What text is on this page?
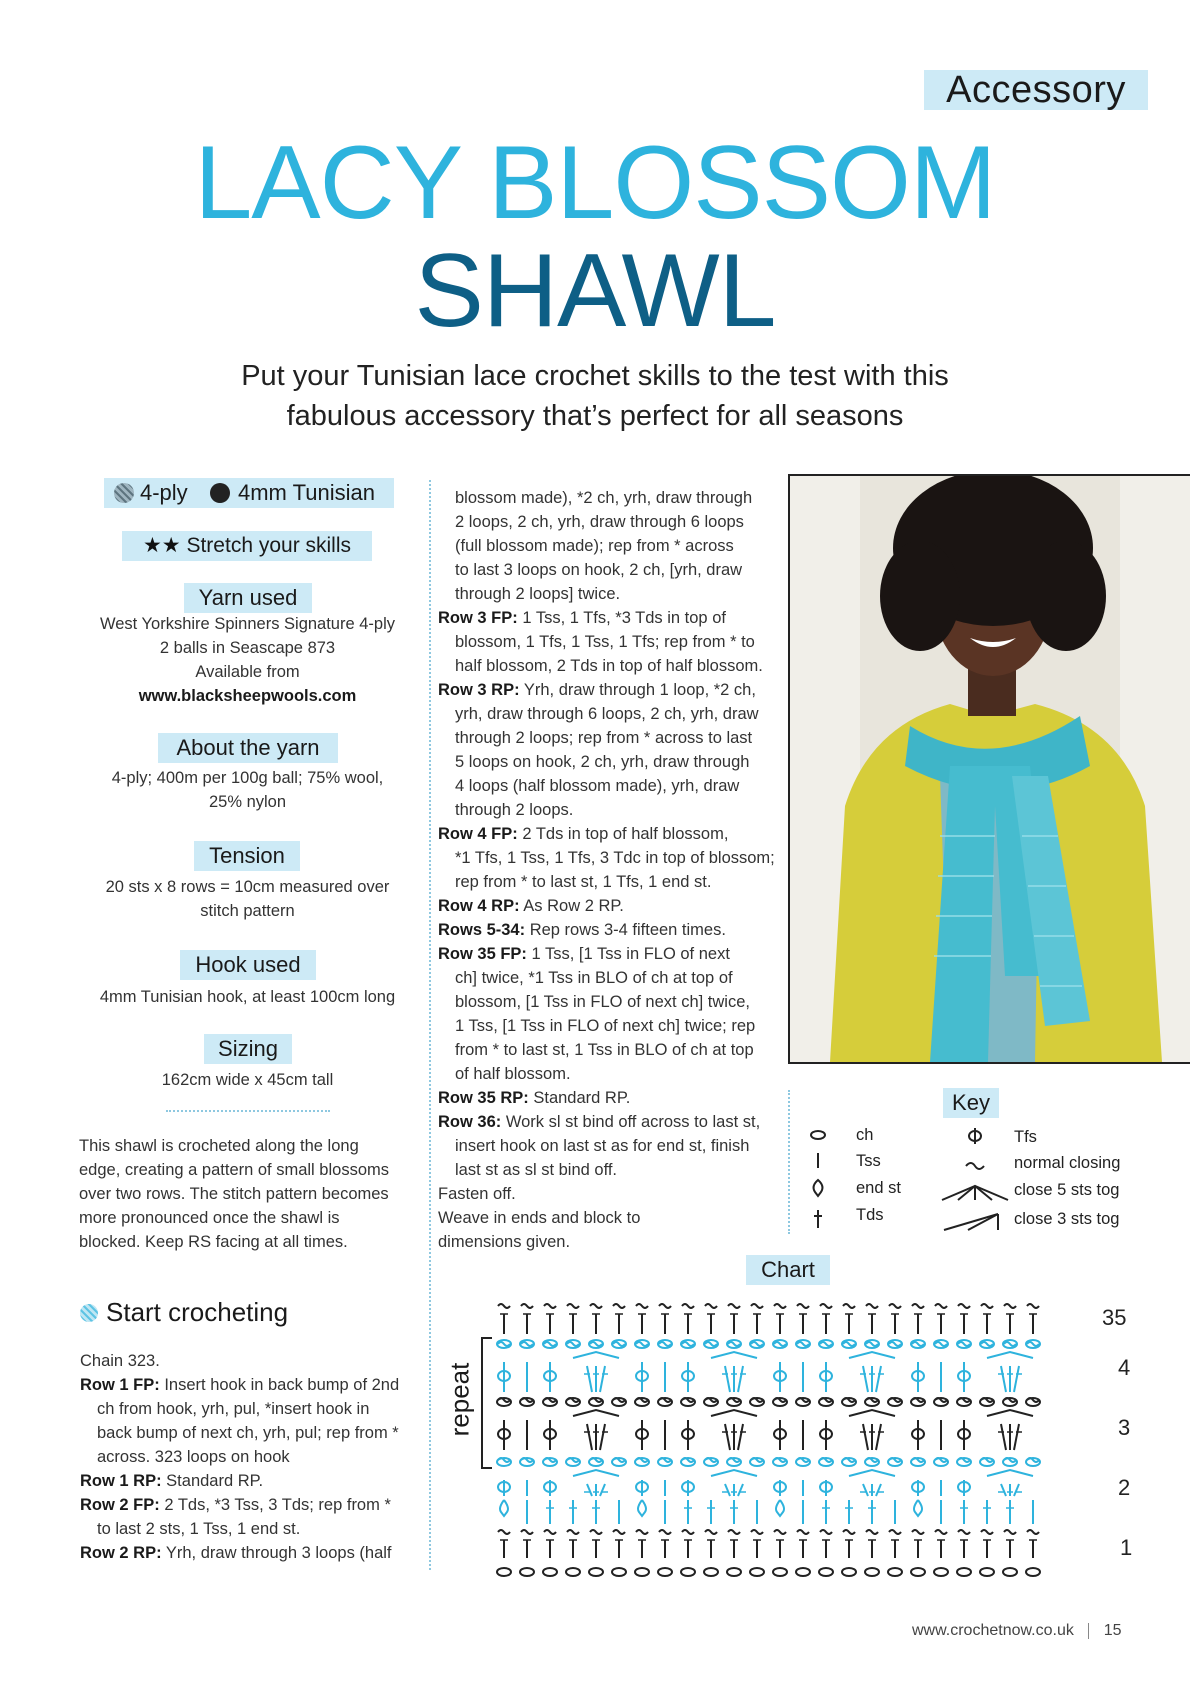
Accessory
LACY BLOSSOM
SHAWL
Put your Tunisian lace crochet skills to the test with this
fabulous accessory that’s perfect for all seasons
4-ply 4mm Tunisian
★★ Stretch your skills
Yarn used
West Yorkshire Spinners Signature 4-ply
2 balls in Seascape 873
Available from
www.blacksheepwools.com
About the yarn
4-ply; 400m per 100g ball; 75% wool,
25% nylon
Tension
20 sts x 8 rows = 10cm measured over
stitch pattern
Hook used
4mm Tunisian hook, at least 100cm long
Sizing
162cm wide x 45cm tall
This shawl is crocheted along the long
edge, creating a pattern of small blossoms
over two rows. The stitch pattern becomes
more pronounced once the shawl is
blocked. Keep RS facing at all times.
Start crocheting

Chain 323.

Row 1 FP: Insert hook in back bump of 2nd

ch from hook, yrh, pul, *insert hook in

back bump of next ch, yrh, pul; rep from *

across. 323 loops on hook

Row 1 RP: Standard RP.

Row 2 FP: 2 Tds, *3 Tss, 3 Tds; rep from *

to last 2 sts, 1 Tss, 1 end st.

Row 2 RP: Yrh, draw through 3 loops (half

blossom made), *2 ch, yrh, draw through

2 loops, 2 ch, yrh, draw through 6 loops

(full blossom made); rep from * across

to last 3 loops on hook, 2 ch, [yrh, draw

through 2 loops] twice.

Row 3 FP: 1 Tss, 1 Tfs, *3 Tds in top of

blossom, 1 Tfs, 1 Tss, 1 Tfs; rep from * to

half blossom, 2 Tds in top of half blossom.

Row 3 RP: Yrh, draw through 1 loop, *2 ch,

yrh, draw through 6 loops, 2 ch, yrh, draw

through 2 loops; rep from * across to last

5 loops on hook, 2 ch, yrh, draw through

4 loops (half blossom made), yrh, draw

through 2 loops.

Row 4 FP: 2 Tds in top of half blossom,

*1 Tfs, 1 Tss, 1 Tfs, 3 Tdc in top of blossom;

rep from * to last st, 1 Tfs, 1 end st.

Row 4 RP: As Row 2 RP.

Rows 5-34: Rep rows 3-4 fifteen times.

Row 35 FP: 1 Tss, [1 Tss in FLO of next

ch] twice, *1 Tss in BLO of ch at top of

blossom, [1 Tss in FLO of next ch] twice,

1 Tss, [1 Tss in FLO of next ch] twice; rep

from * to last st, 1 Tss in BLO of ch at top

of half blossom.

Row 35 RP: Standard RP.

Row 36: Work sl st bind off across to last st,

insert hook on last st as for end st, finish

last st as sl st bind off.

Fasten off.

Weave in ends and block to

dimensions given.

Key
ch
Tss
end st
Tds
Tfs
normal closing
close 5 sts tog
close 3 sts tog
Chart
repeat
35
4
3
2
1
www.crochetnow.co.uk 15
